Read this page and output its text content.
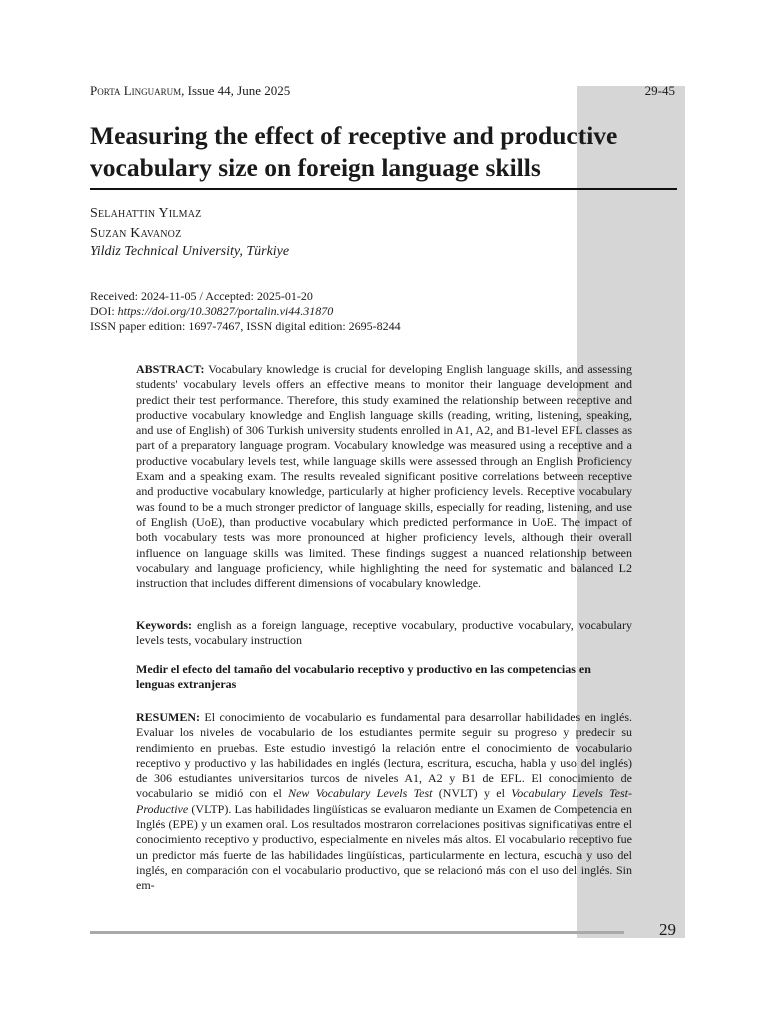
Porta Linguarum, Issue 44, June 2025	29-45
Measuring the effect of receptive and productive vocabulary size on foreign language skills
Selahattin Yilmaz
Suzan Kavanoz
Yildiz Technical University, Türkiye
Received: 2024-11-05 / Accepted: 2025-01-20
DOI: https://doi.org/10.30827/portalin.vi44.31870
ISSN paper edition: 1697-7467, ISSN digital edition: 2695-8244

ABSTRACT: Vocabulary knowledge is crucial for developing English language skills, and assessing students' vocabulary levels offers an effective means to monitor their language development and predict their test performance. Therefore, this study examined the relationship between receptive and productive vocabulary knowledge and English language skills (reading, writing, listening, speaking, and use of English) of 306 Turkish university students enrolled in A1, A2, and B1-level EFL classes as part of a preparatory language program. Vocabulary knowledge was measured using a receptive and a productive vocabulary levels test, while language skills were assessed through an English Proficiency Exam and a speaking exam. The results revealed significant positive correlations between receptive and productive vocabulary knowledge, particularly at higher proficiency levels. Receptive vocabulary was found to be a much stronger predictor of language skills, especially for reading, listening, and use of English (UoE), than productive vocabulary which predicted performance in UoE. The impact of both vocabulary tests was more pronounced at higher proficiency levels, although their overall influence on language skills was limited. These findings suggest a nuanced relationship between vocabulary and language proficiency, while highlighting the need for systematic and balanced L2 instruction that includes different dimensions of vocabulary knowledge.

Keywords: english as a foreign language, receptive vocabulary, productive vocabulary, vocabulary levels tests, vocabulary instruction

Medir el efecto del tamaño del vocabulario receptivo y productivo en las competencias en lenguas extranjeras

RESUMEN: El conocimiento de vocabulario es fundamental para desarrollar habilidades en inglés. Evaluar los niveles de vocabulario de los estudiantes permite seguir su progreso y predecir su rendimiento en pruebas. Este estudio investigó la relación entre el conocimiento de vocabulario receptivo y productivo y las habilidades en inglés (lectura, escritura, escucha, habla y uso del inglés) de 306 estudiantes universitarios turcos de niveles A1, A2 y B1 de EFL. El conocimiento de vocabulario se midió con el New Vocabulary Levels Test (NVLT) y el Vocabulary Levels Test-Productive (VLTP). Las habilidades lingüísticas se evaluaron mediante un Examen de Competencia en Inglés (EPE) y un examen oral. Los resultados mostraron correlaciones positivas significativas entre el conocimiento receptivo y productivo, especialmente en niveles más altos. El vocabulario receptivo fue un predictor más fuerte de las habilidades lingüísticas, particularmente en lectura, escucha y uso del inglés, en comparación con el vocabulario productivo, que se relacionó más con el uso del inglés. Sin em-

29
